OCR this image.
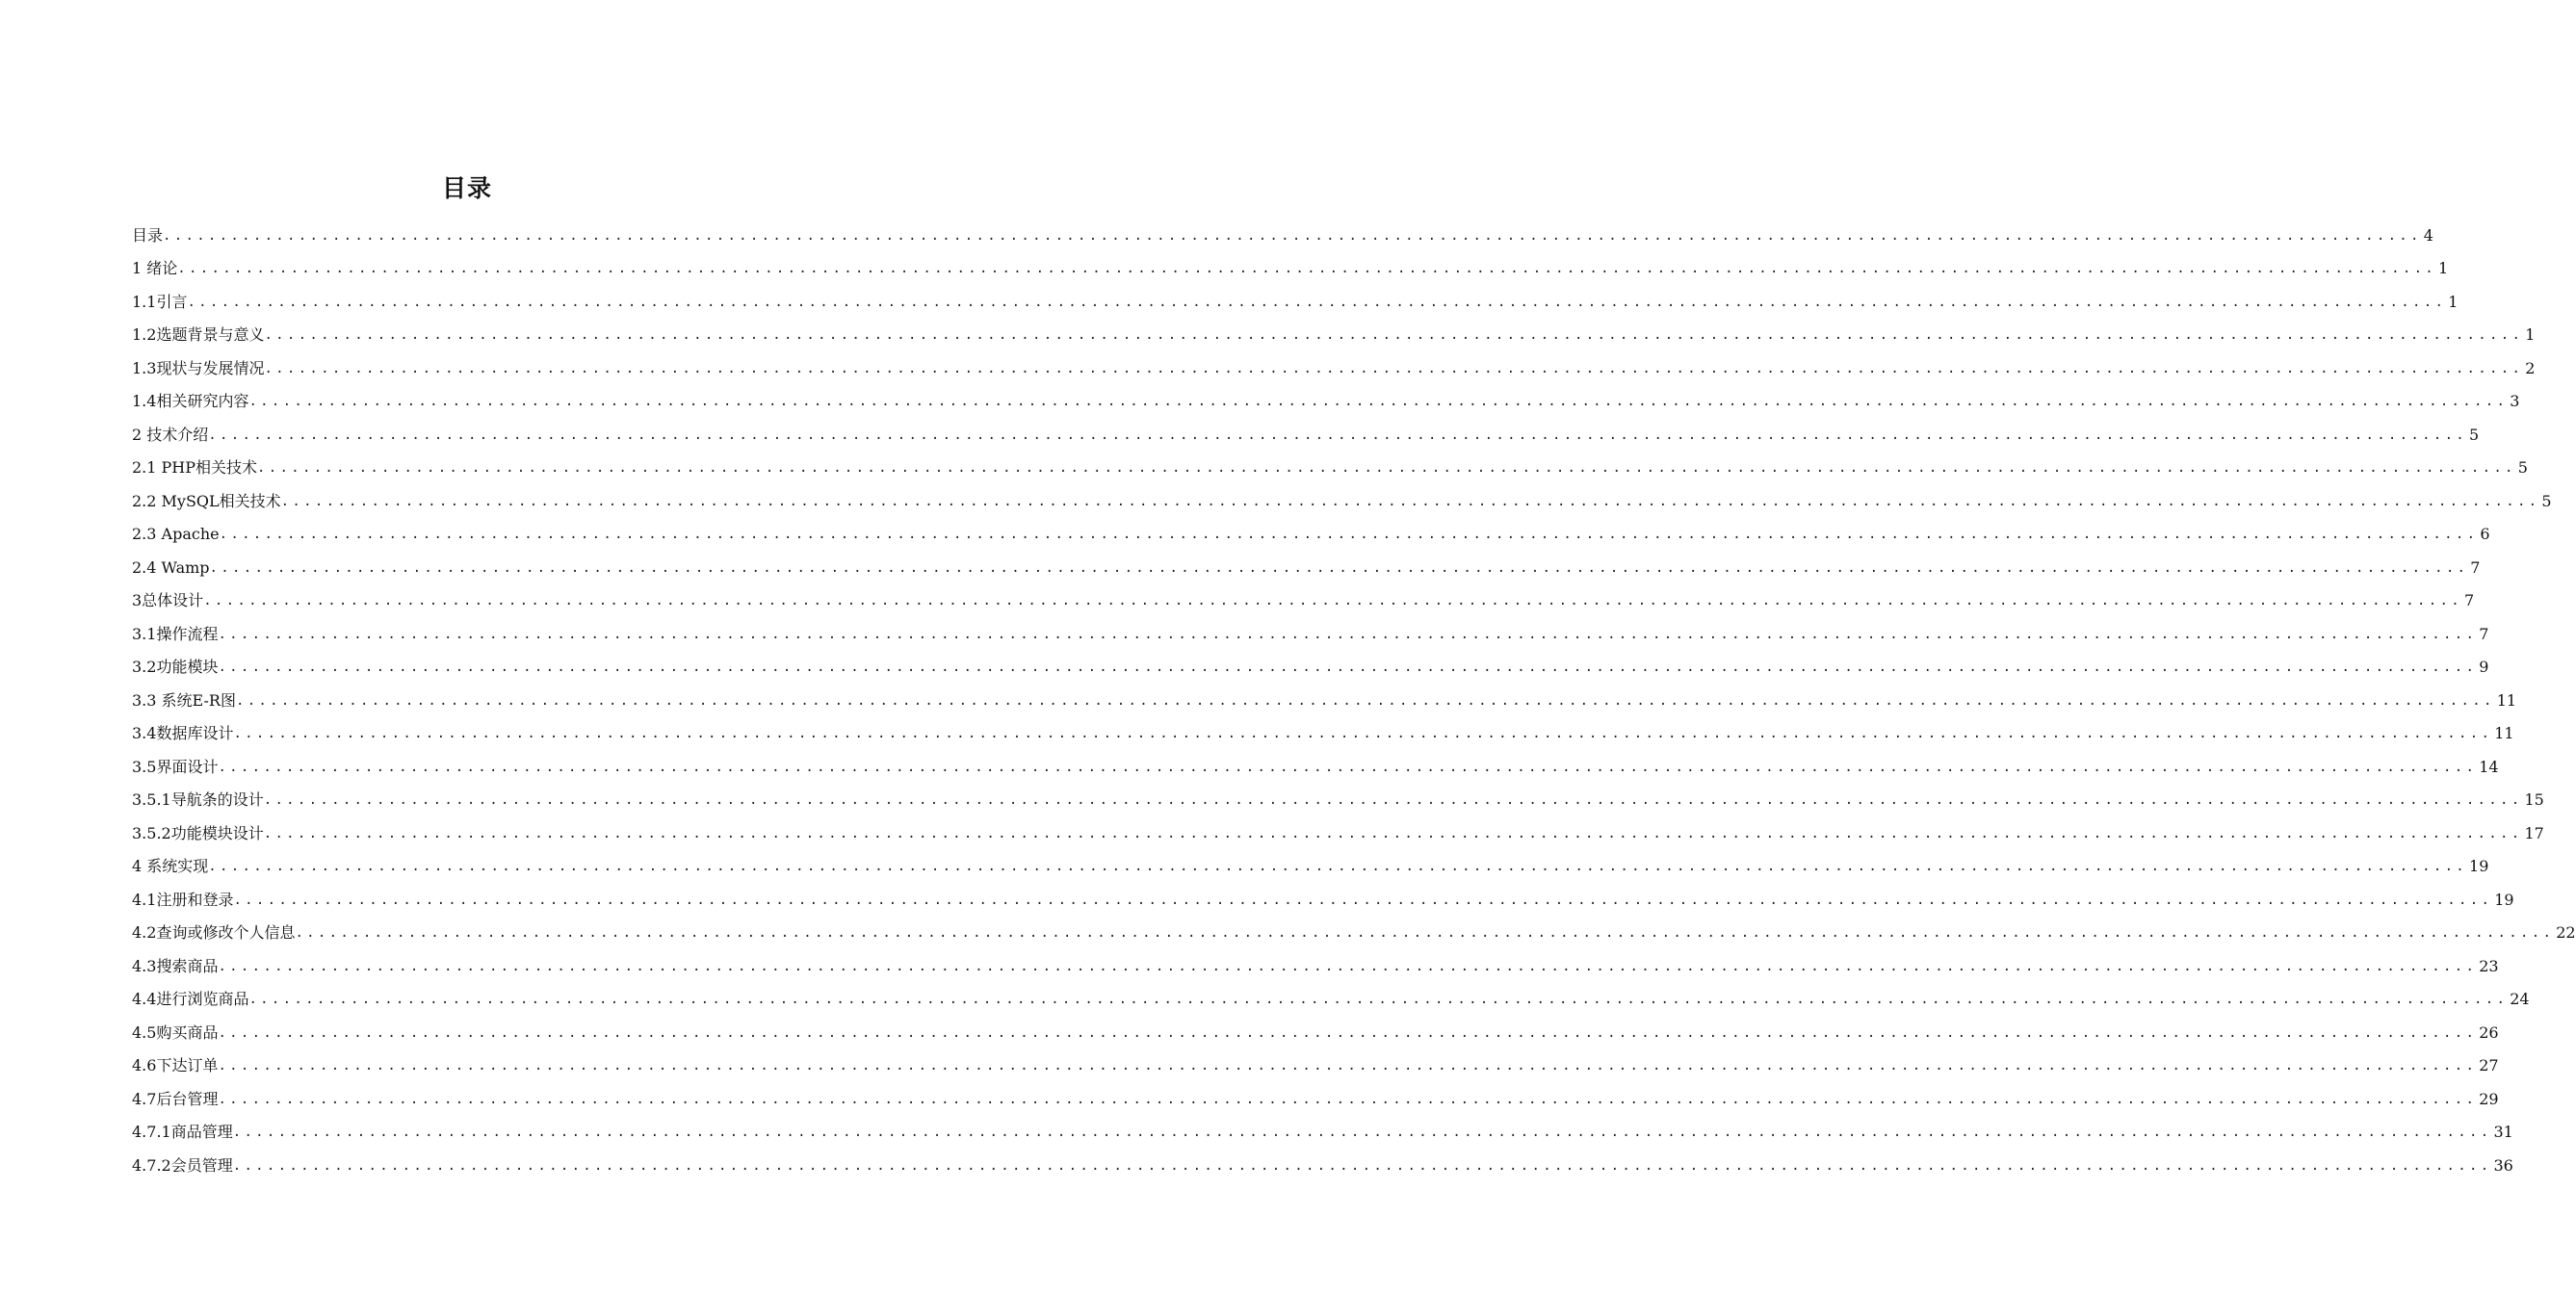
目录
目录 ........................................................................................................................................................................................................ 4
1 绪论 ........................................................................................................................................................................................................ 1
1.1引言 ........................................................................................................................................................................................................ 1
1.2选题背景与意义 ........................................................................................................................................................................................................ 1
1.3现状与发展情况 ........................................................................................................................................................................................................ 2
1.4相关研究内容 ........................................................................................................................................................................................................ 3
2 技术介绍 ........................................................................................................................................................................................................ 5
2.1 PHP相关技术 ........................................................................................................................................................................................................ 5
2.2 MySQL相关技术 ........................................................................................................................................................................................................ 5
2.3 Apache ........................................................................................................................................................................................................ 6
2.4 Wamp ........................................................................................................................................................................................................ 7
3总体设计 ........................................................................................................................................................................................................ 7
3.1操作流程 ........................................................................................................................................................................................................ 7
3.2功能模块 ........................................................................................................................................................................................................ 9
3.3 系统E-R图 ........................................................................................................................................................................................................ 11
3.4数据库设计 ........................................................................................................................................................................................................ 11
3.5界面设计 ........................................................................................................................................................................................................ 14
3.5.1导航条的设计 ........................................................................................................................................................................................................ 15
3.5.2功能模块设计 ........................................................................................................................................................................................................ 17
4 系统实现 ........................................................................................................................................................................................................ 19
4.1注册和登录 ........................................................................................................................................................................................................ 19
4.2查询或修改个人信息 ........................................................................................................................................................................................................ 22
4.3搜索商品 ........................................................................................................................................................................................................ 23
4.4进行浏览商品 ........................................................................................................................................................................................................ 24
4.5购买商品 ........................................................................................................................................................................................................ 26
4.6下达订单 ........................................................................................................................................................................................................ 27
4.7后台管理 ........................................................................................................................................................................................................ 29
4.7.1商品管理 ........................................................................................................................................................................................................ 31
4.7.2会员管理 ........................................................................................................................................................................................................ 36
